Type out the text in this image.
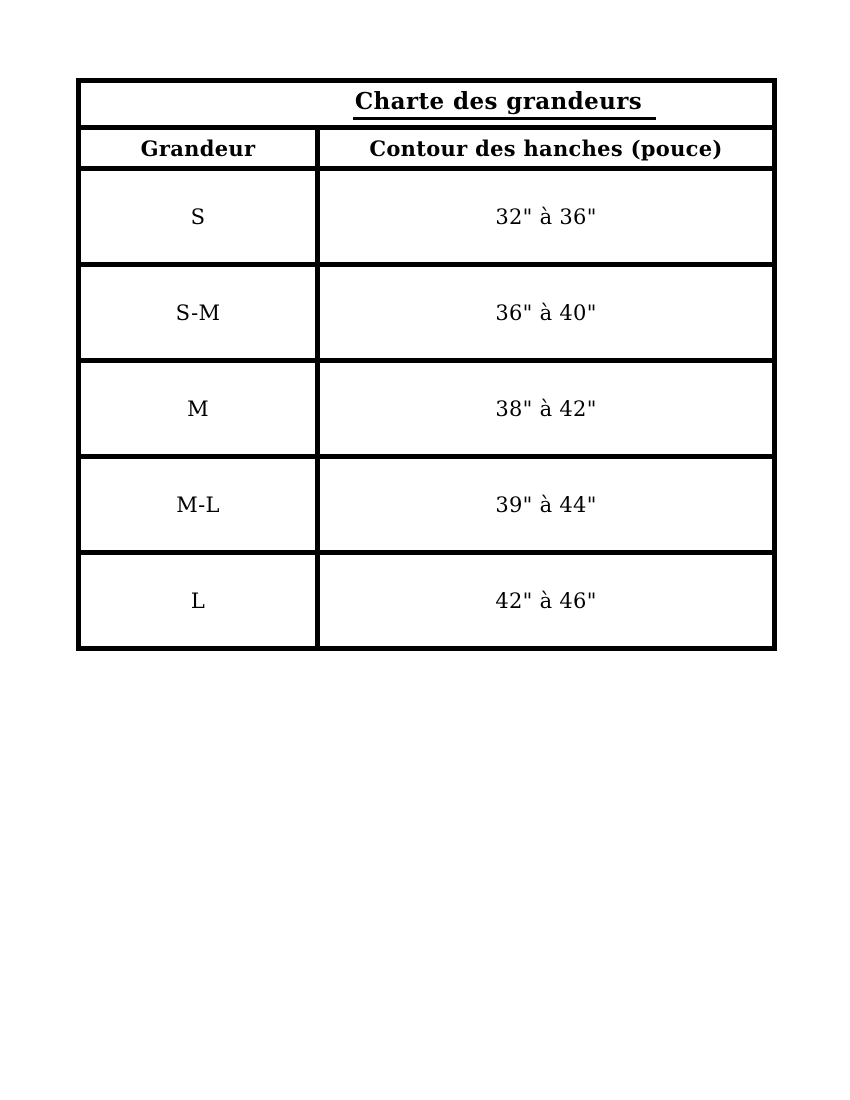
Charte des grandeurs	
Grandeur	Contour des hanches (pouce)
S	32" à 36"
S-M	36" à 40"
M	38" à 42"
M-L	39" à 44"
L	42" à 46"
